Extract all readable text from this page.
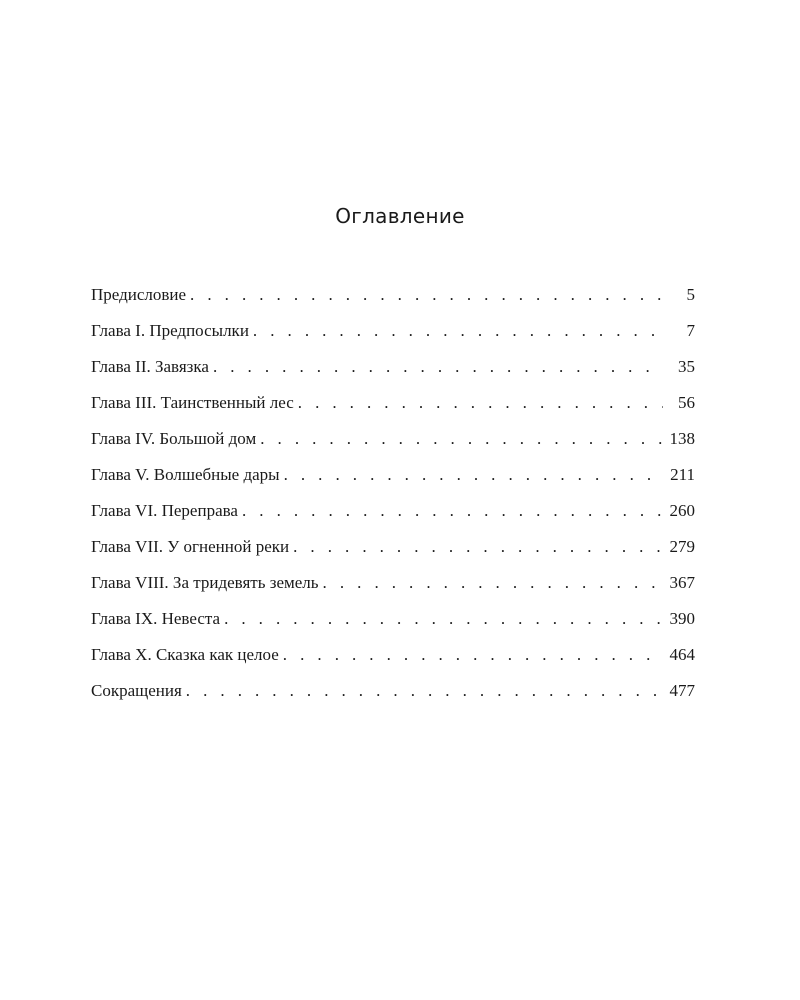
Оглавление
Предисловие . . .	5
Глава I. Предпосылки . . .	7
Глава II. Завязка . . .	35
Глава III. Таинственный лес . . .	56
Глава IV. Большой дом . . .	138
Глава V. Волшебные дары . . .	211
Глава VI. Переправа . . .	260
Глава VII. У огненной реки . . .	279
Глава VIII. За тридевять земель . . .	367
Глава IX. Невеста . . .	390
Глава X. Сказка как целое . . .	464
Сокращения . . .	477
